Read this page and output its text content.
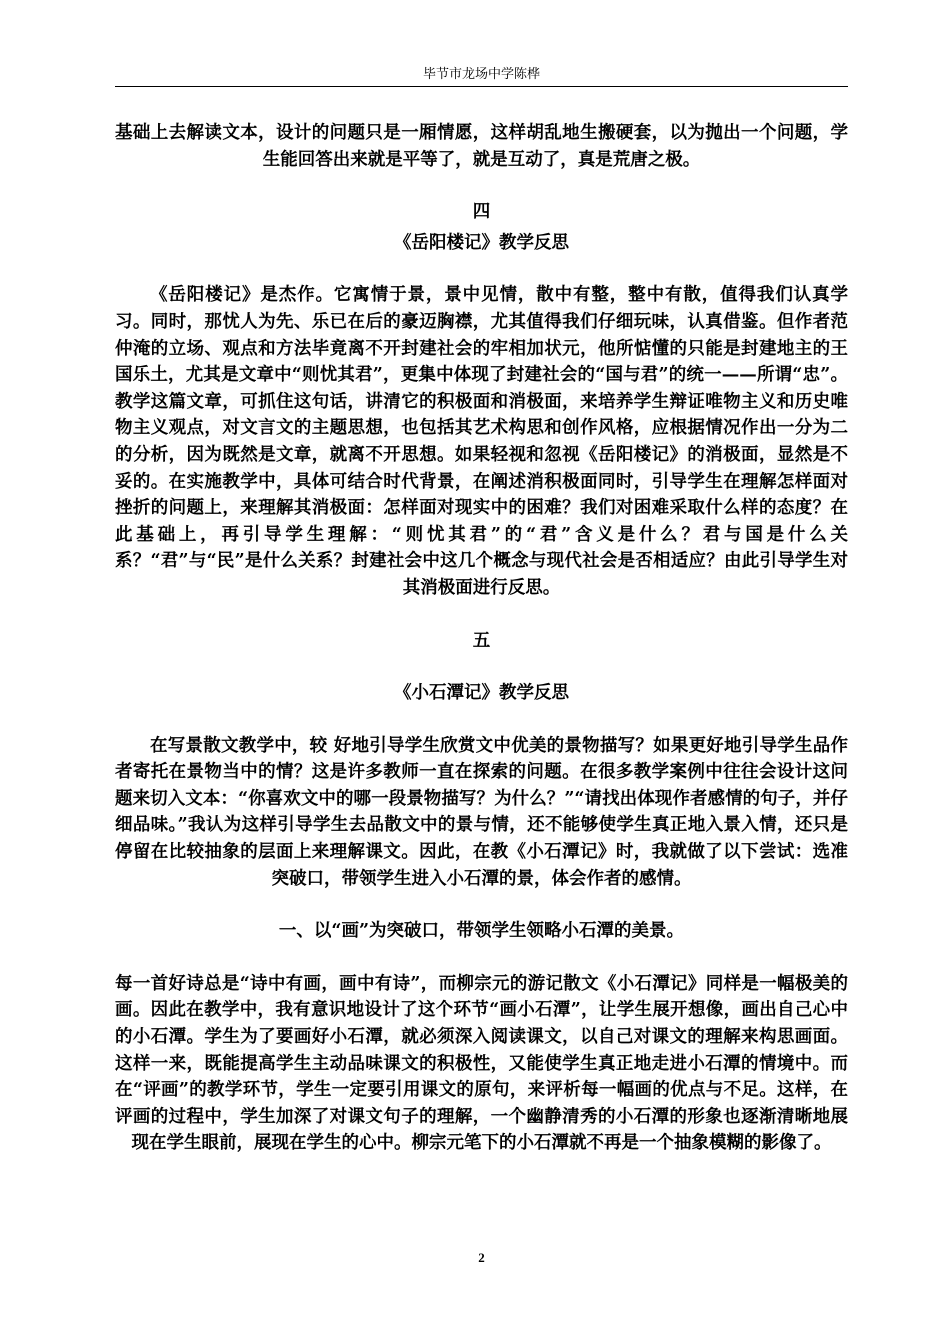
毕节市龙场中学陈桦

基础上去解读文本，设计的问题只是一厢情愿，这样胡乱地生搬硬套，以为抛出一个问题，学生能回答出来就是平等了，就是互动了，真是荒唐之极。

四

《岳阳楼记》教学反思

《岳阳楼记》是杰作。它寓情于景，景中见情，散中有整，整中有散，值得我们认真学习。同时，那忧人为先、乐已在后的豪迈胸襟，尤其值得我们仔细玩味，认真借鉴。但作者范仲淹的立场、观点和方法毕竟离不开封建社会的牢相加状元，他所惦懂的只能是封建地主的王国乐土，尤其是文章中“则忧其君”，更集中体现了封建社会的“国与君”的统一——所谓“忠”。教学这篇文章，可抓住这句话，讲清它的积极面和消极面，来培养学生辩证唯物主义和历史唯物主义观点，对文言文的主题思想，也包括其艺术构思和创作风格，应根据情况作出一分为二的分析，因为既然是文章，就离不开思想。如果轻视和忽视《岳阳楼记》的消极面，显然是不妥的。在实施教学中，具体可结合时代背景，在阐述消积极面同时，引导学生在理解怎样面对挫折的问题上，来理解其消极面：怎样面对现实中的困难？我们对困难采取什么样的态度？在此基础上，再引导学生理解：“则忧其君”的“君”含义是什么？君与国是什么关系？“君”与“民”是什么关系？封建社会中这几个概念与现代社会是否相适应？由此引导学生对其消极面进行反思。

五

《小石潭记》教学反思

在写景散文教学中，较 好地引导学生欣赏文中优美的景物描写？如果更好地引导学生品作者寄托在景物当中的情？这是许多教师一直在探索的问题。在很多教学案例中往往会设计这问题来切入文本：“你喜欢文中的哪一段景物描写？为什么？”“请找出体现作者感情的句子，并仔细品味。”我认为这样引导学生去品散文中的景与情，还不能够使学生真正地入景入情，还只是停留在比较抽象的层面上来理解课文。因此，在教《小石潭记》时，我就做了以下尝试：选准突破口，带领学生进入小石潭的景，体会作者的感情。

一、以“画”为突破口，带领学生领略小石潭的美景。

每一首好诗总是“诗中有画，画中有诗”，而柳宗元的游记散文《小石潭记》同样是一幅极美的画。因此在教学中，我有意识地设计了这个环节“画小石潭”，让学生展开想像，画出自己心中的小石潭。学生为了要画好小石潭，就必须深入阅读课文，以自己对课文的理解来构思画面。这样一来，既能提高学生主动品味课文的积极性，又能使学生真正地走进小石潭的情境中。而在“评画”的教学环节，学生一定要引用课文的原句，来评析每一幅画的优点与不足。这样，在评画的过程中，学生加深了对课文句子的理解，一个幽静清秀的小石潭的形象也逐渐清晰地展现在学生眼前，展现在学生的心中。柳宗元笔下的小石潭就不再是一个抽象模糊的影像了。

2
